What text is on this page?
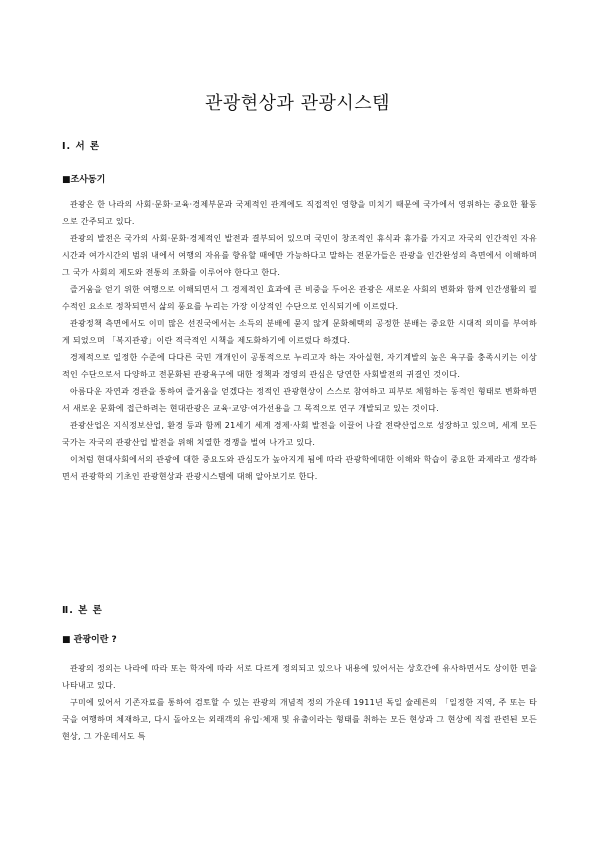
관광현상과 관광시스템
Ⅰ. 서 론
■조사동기

관광은 한 나라의 사회·문화·교육·경제부문과 국제적인 관계에도 직접적인 영향을 미치기 때문에 국가에서 영위하는 중요한 활동으로 간주되고 있다.

관광의 발전은 국가의 사회·문화·경제적인 발전과 결부되어 있으며 국민이 창조적인 휴식과 휴가를 가지고 자국의 인간적인 자유시간과 여가시간의 범위 내에서 여행의 자유를 향유할 때에만 가능하다고 말하는 전문가들은 관광을 인간완성의 측면에서 이해하며 그 국가 사회의 제도와 전통의 조화를 이루어야 한다고 한다.

즐거움을 얻기 위한 여행으로 이해되면서 그 경제적인 효과에 큰 비중을 두어온 관광은 새로운 사회의 변화와 함께 인간생활의 필수적인 요소로 정착되면서 삶의 풍요를 누리는 가장 이상적인 수단으로 인식되기에 이르렀다.

관광정책 측면에서도 이미 많은 선진국에서는 소득의 분배에 묻지 않게 문화혜택의 공정한 분배는 중요한 시대적 의미를 부여하게 되었으며 「복지관광」이란 적극적인 시책을 제도화하기에 이르렀다 하겠다.

경제적으로 일정한 수준에 다다른 국민 개개인이 공통적으로 누리고자 하는 자아실현, 자기계발의 높은 욕구를 충족시키는 이상적인 수단으로서 다양하고 전문화된 관광욕구에 대한 정책과 경영의 관심은 당연한 사회발전의 귀결인 것이다.

아름다운 자연과 경관을 통하여 즐거움을 얻겠다는 정적인 관광현상이 스스로 참여하고 피부로 체험하는 동적인 형태로 변화하면서 새로운 문화에 접근하려는 현대관광은 교육·교양·여가선용을 그 목적으로 연구 개발되고 있는 것이다.

관광산업은 지식정보산업, 환경 등과 함께 21세기 세계 경제·사회 발전을 이끌어 나갈 전략산업으로 성장하고 있으며, 세계 모든 국가는 자국의 관광산업 발전을 위해 치열한 경쟁을 벌여 나가고 있다.

이처럼 현대사회에서의 관광에 대한 중요도와 관심도가 높아지게 됨에 따라 관광학에대한 이해와 학습이 중요한 과제라고 생각하면서 관광학의 기초인 관광현상과 관광시스템에 대해 알아보기로 한다.

Ⅱ. 본 론
■ 관광이란 ?

관광의 정의는 나라에 따라 또는 학자에 따라 서로 다르게 정의되고 있으나 내용에 있어서는 상호간에 유사하면서도 상이한 면을 나타내고 있다.

구미에 있어서 기존자료를 통하여 검토할 수 있는 관광의 개념적 정의 가운데 1911년 독일 슐레른의 「일정한 지역, 주 또는 타국을 여행하며 체재하고, 다시 돌아오는 외래객의 유입·체재 및 유출이라는 형태를 취하는 모든 현상과 그 현상에 직접 관련된 모든 현상, 그 가운데서도 특
